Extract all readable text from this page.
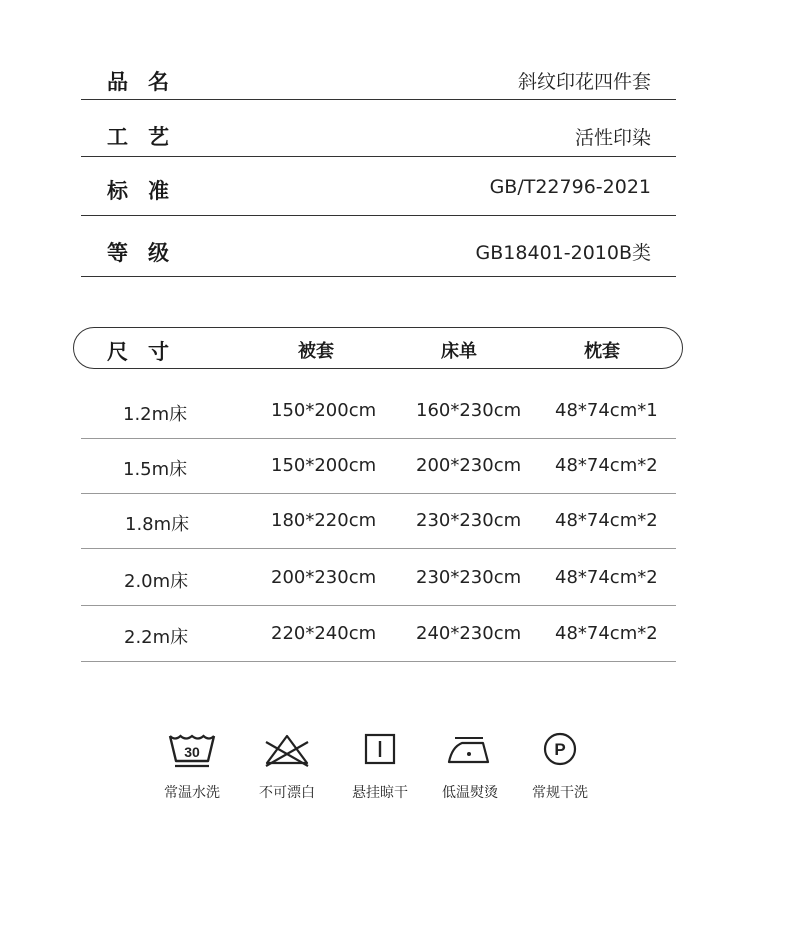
品名	斜纹印花四件套
工艺	活性印染
标准	GB/T22796-2021
等级	GB18401-2010B类
尺寸	被套	床单	枕套
1.2m床	150*200cm 160*230cm 48*74cm*1
1.5m床	150*200cm 200*230cm 48*74cm*2
1.8m床	180*220cm 230*230cm 48*74cm*2
2.0m床	200*230cm 230*230cm 48*74cm*2
2.2m床	220*240cm 240*230cm 48*74cm*2
30
常温水洗	不可漂白	悬挂晾干	低温熨烫
P
常规干洗
